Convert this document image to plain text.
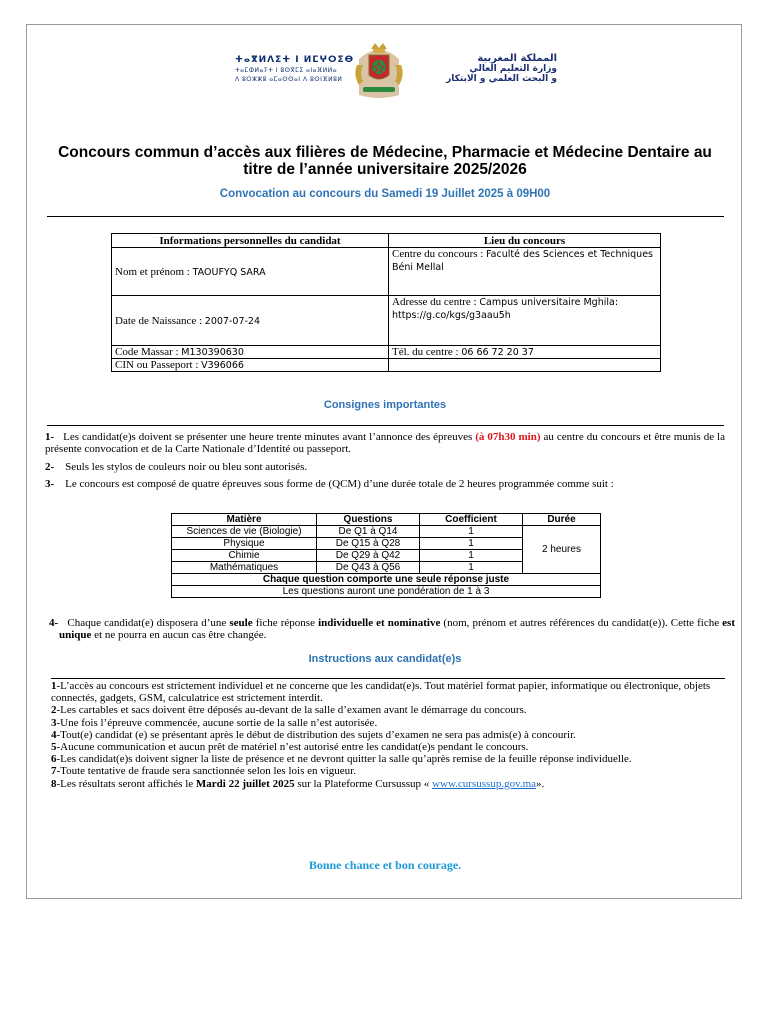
ⵜⴰⴳⵍⴷⵉⵜ ⵏ ⵍⵎⵖⵔⵉⴱ
ⵜⴰⵎⵀⵍⴰⵢⵜ ⵏ ⵓⵙⴳⵎⵉ ⴰⵏⴰⴼⵍⵍⴰ
ⴷ ⵓⵔⵣⵣⵓ ⴰⵎⴰⵙⵙⴰⵏ ⴷ ⵓⵙⵏⴼⵍⵓⵍ
المملكة المغربية
وزارة التعليم العالي
و البحث العلمي و الابتكار
Concours commun d’accès aux filières de Médecine, Pharmacie et Médecine Dentaire au titre de l’année universitaire 2025/2026
Convocation au concours du Samedi 19 Juillet 2025 à 09H00
Informations personnelles du candidat	Lieu du concours
Nom et prénom : TAOUFYQ SARA	Centre du concours : Faculté des Sciences et Techniques Béni Mellal
Date de Naissance : 2007-07-24	Adresse du centre : Campus universitaire Mghila: https://g.co/kgs/g3aau5h
Code Massar : M130390630	Tél. du centre : 06 66 72 20 37
CIN ou Passeport : V396066	
Consignes importantes
1- Les candidat(e)s doivent se présenter une heure trente minutes avant l’annonce des épreuves (à 07h30 min) au centre du concours et être munis de la présente convocation et de la Carte Nationale d’Identité ou passeport.
2- Seuls les stylos de couleurs noir ou bleu sont autorisés.
3- Le concours est composé de quatre épreuves sous forme de (QCM) d’une durée totale de 2 heures programmée comme suit :
Matière	Questions	Coefficient	Durée
Sciences de vie (Biologie)	De Q1 à Q14	1	2 heures
Physique	De Q15 à Q28	1	
Chimie	De Q29 à Q42	1	
Mathématiques	De Q43 à Q56	1	
Chaque question comporte une seule réponse juste			
Les questions auront une pondération de 1 à 3			
4- Chaque candidat(e) disposera d’une seule fiche réponse individuelle et nominative (nom, prénom et autres références du candidat(e)). Cette fiche est unique et ne pourra en aucun cas être changée.
Instructions aux candidat(e)s
1-L’accès au concours est strictement individuel et ne concerne que les candidat(e)s. Tout matériel format papier, informatique ou électronique, objets connectés, gadgets, GSM, calculatrice est strictement interdit.
2-Les cartables et sacs doivent être déposés au-devant de la salle d’examen avant le démarrage du concours.
3-Une fois l’épreuve commencée, aucune sortie de la salle n’est autorisée.
4-Tout(e) candidat (e) se présentant après le début de distribution des sujets d’examen ne sera pas admis(e) à concourir.
5-Aucune communication et aucun prêt de matériel n’est autorisé entre les candidat(e)s pendant le concours.
6-Les candidat(e)s doivent signer la liste de présence et ne devront quitter la salle qu’après remise de la feuille réponse individuelle.
7-Toute tentative de fraude sera sanctionnée selon les lois en vigueur.
8-Les résultats seront affichés le Mardi 22 juillet 2025 sur la Plateforme Cursussup « www.cursussup.gov.ma».
Bonne chance et bon courage.
